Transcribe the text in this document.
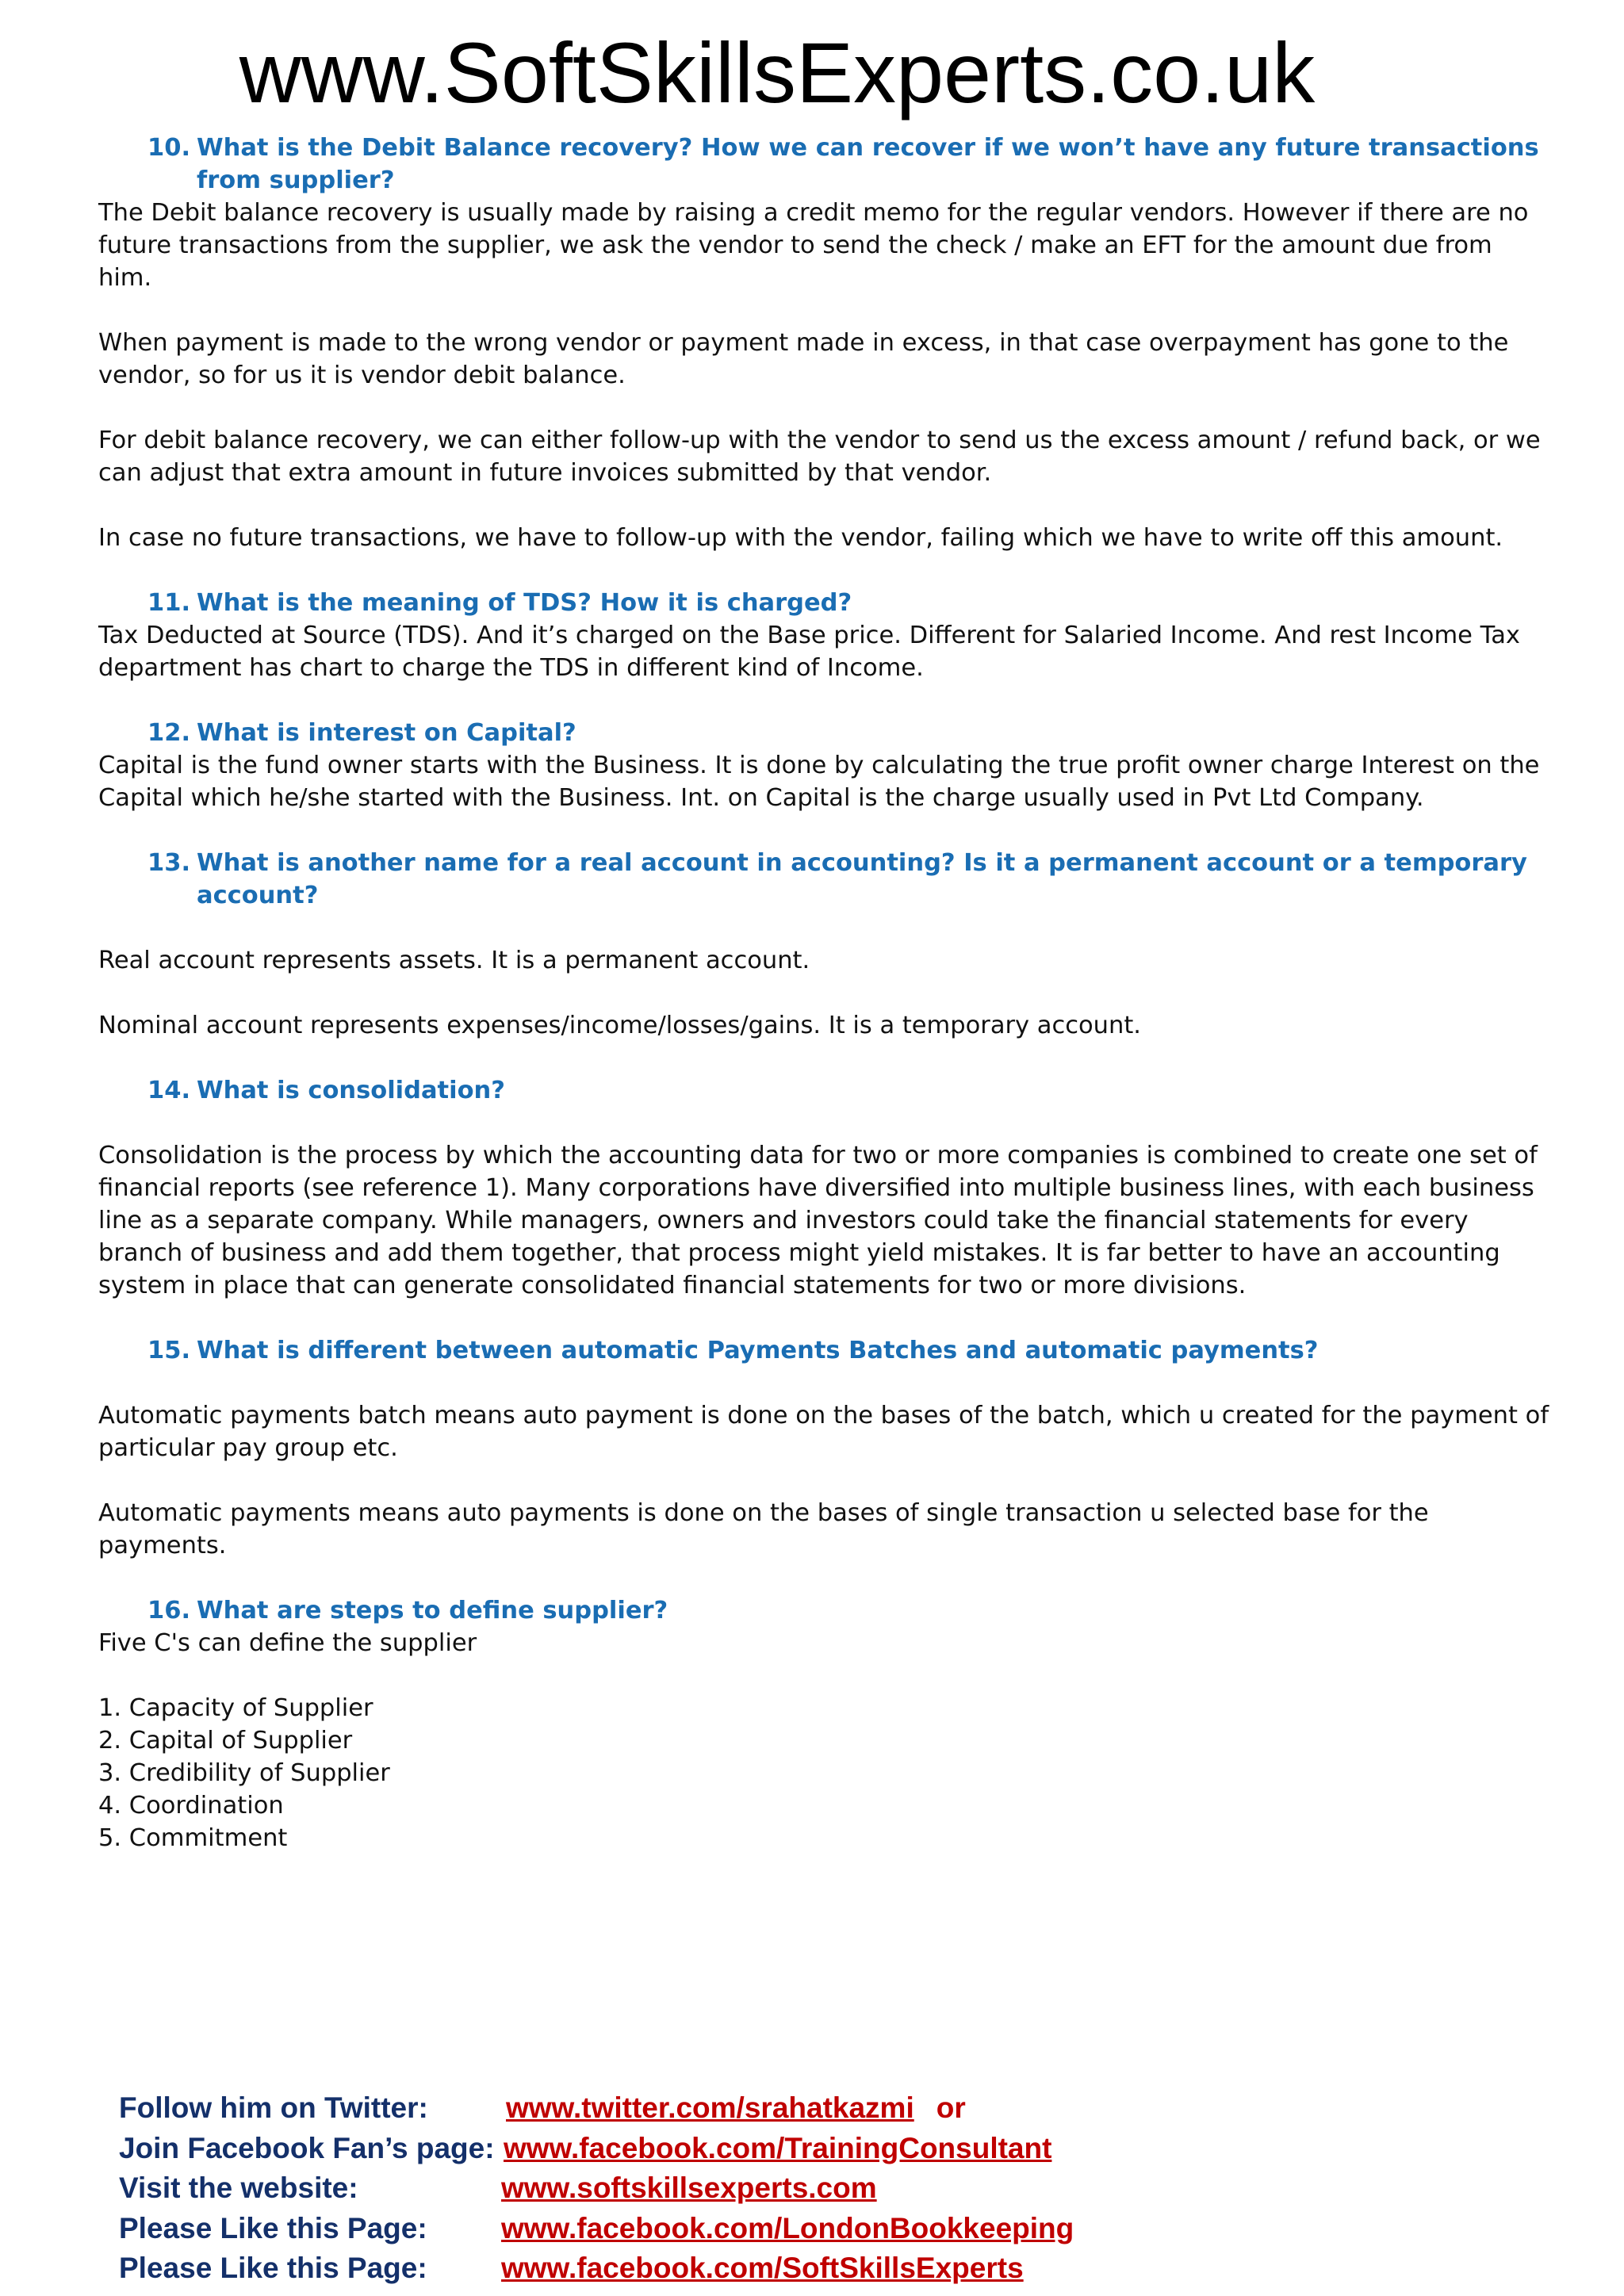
www.SoftSkillsExperts.co.uk
10. What is the Debit Balance recovery? How we can recover if we won’t have any future transactions from supplier?

The Debit balance recovery is usually made by raising a credit memo for the regular vendors. However if there are no future transactions from the supplier, we ask the vendor to send the check / make an EFT for the amount due from him.

When payment is made to the wrong vendor or payment made in excess, in that case overpayment has gone to the vendor, so for us it is vendor debit balance.

For debit balance recovery, we can either follow-up with the vendor to send us the excess amount / refund back, or we can adjust that extra amount in future invoices submitted by that vendor.

In case no future transactions, we have to follow-up with the vendor, failing which we have to write off this amount.

11. What is the meaning of TDS? How it is charged?

Tax Deducted at Source (TDS). And it’s charged on the Base price. Different for Salaried Income. And rest Income Tax department has chart to charge the TDS in different kind of Income.

12. What is interest on Capital?

Capital is the fund owner starts with the Business. It is done by calculating the true profit owner charge Interest on the Capital which he/she started with the Business. Int. on Capital is the charge usually used in Pvt Ltd Company.

13. What is another name for a real account in accounting? Is it a permanent account or a temporary account?

Real account represents assets. It is a permanent account.

Nominal account represents expenses/income/losses/gains. It is a temporary account.

14. What is consolidation?

Consolidation is the process by which the accounting data for two or more companies is combined to create one set of financial reports (see reference 1). Many corporations have diversified into multiple business lines, with each business line as a separate company. While managers, owners and investors could take the financial statements for every branch of business and add them together, that process might yield mistakes. It is far better to have an accounting system in place that can generate consolidated financial statements for two or more divisions.

15. What is different between automatic Payments Batches and automatic payments?

Automatic payments batch means auto payment is done on the bases of the batch, which u created for the payment of particular pay group etc.

Automatic payments means auto payments is done on the bases of single transaction u selected base for the payments.

16. What are steps to define supplier?

Five C's can define the supplier

1. Capacity of Supplier
2. Capital of Supplier
3. Credibility of Supplier
4. Coordination
5. Commitment
Follow him on Twitter:	www.twitter.com/srahatkazmi or
Join Facebook Fan’s page: www.facebook.com/TrainingConsultant
Visit the website:	www.softskillsexperts.com
Please Like this Page:	www.facebook.com/LondonBookkeeping
Please Like this Page:	www.facebook.com/SoftSkillsExperts
